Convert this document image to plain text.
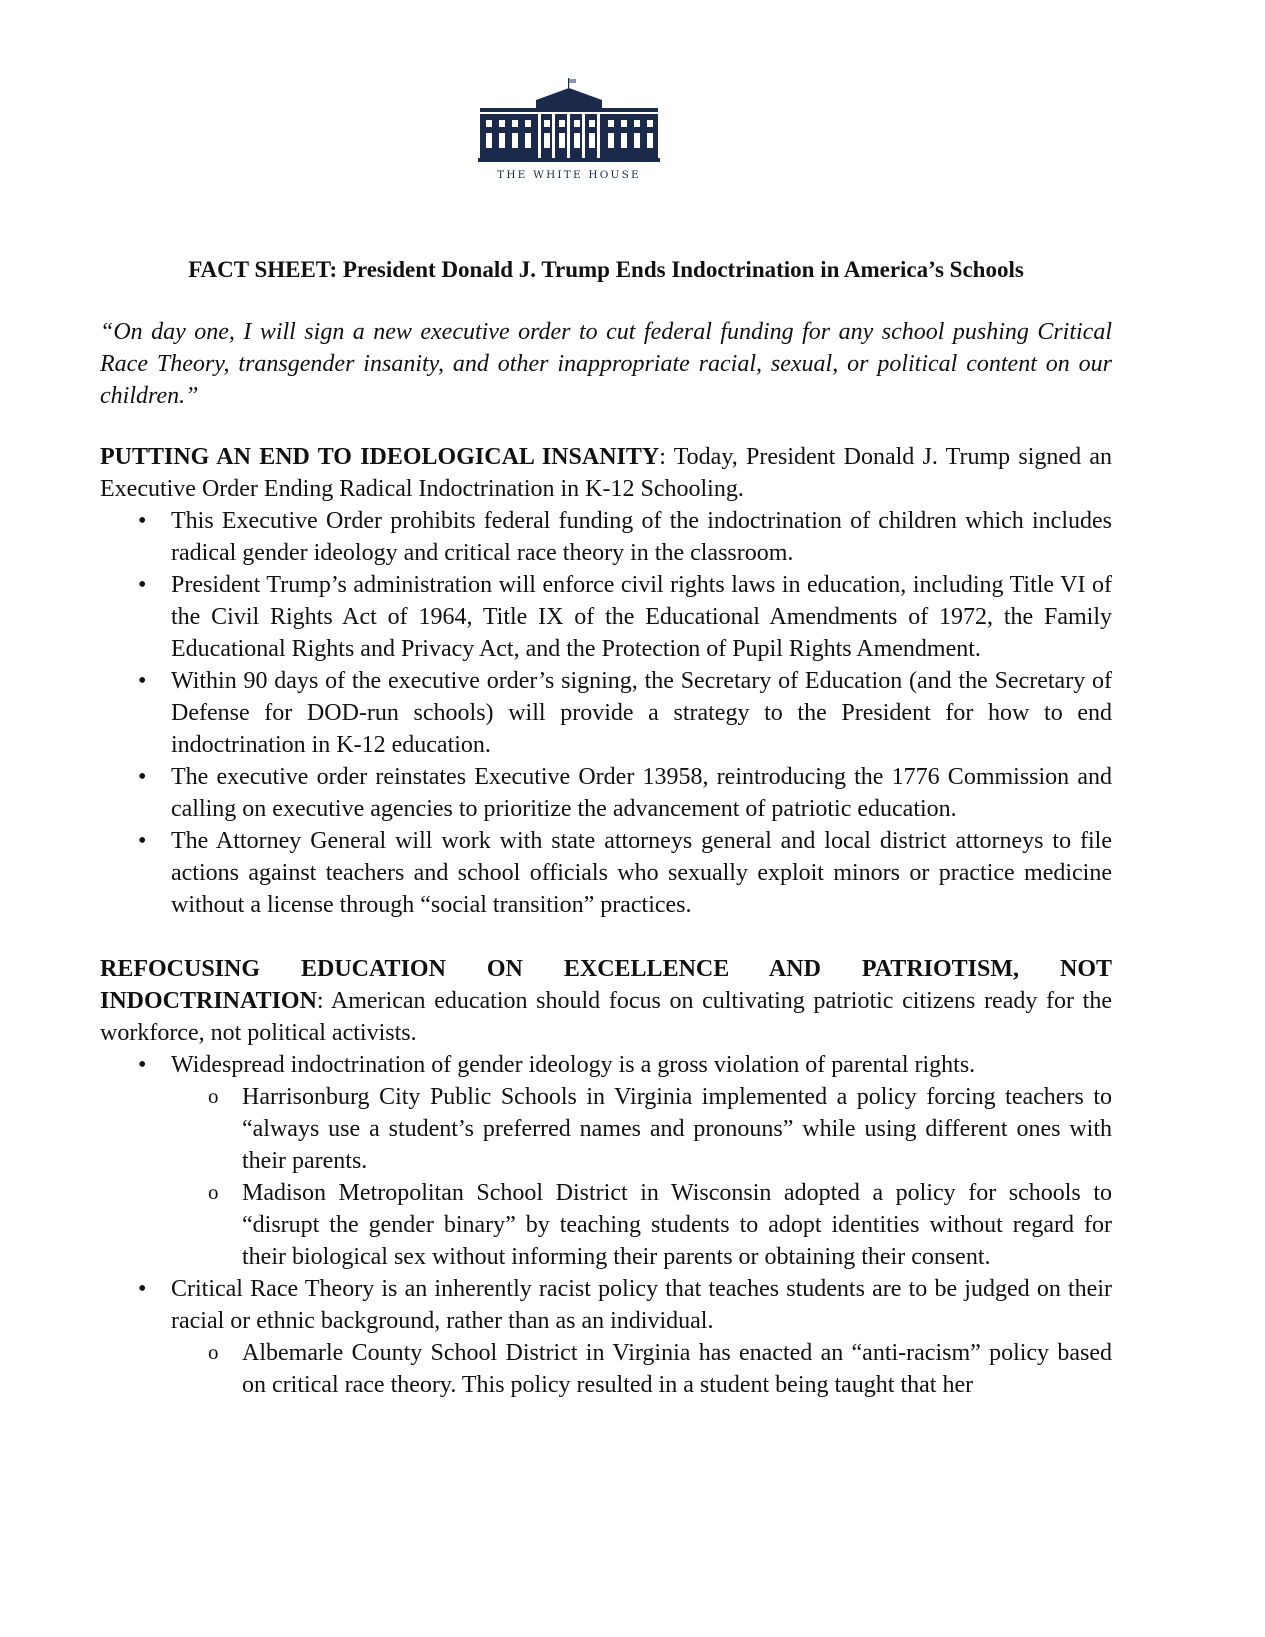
THE WHITE HOUSE
FACT SHEET: President Donald J. Trump Ends Indoctrination in America’s Schools

“On day one, I will sign a new executive order to cut federal funding for any school pushing Critical Race Theory, transgender insanity, and other inappropriate racial, sexual, or political content on our children.”

PUTTING AN END TO IDEOLOGICAL INSANITY: Today, President Donald J. Trump signed an Executive Order Ending Radical Indoctrination in K-12 Schooling.

• This Executive Order prohibits federal funding of the indoctrination of children which includes radical gender ideology and critical race theory in the classroom.
• President Trump’s administration will enforce civil rights laws in education, including Title VI of the Civil Rights Act of 1964, Title IX of the Educational Amendments of 1972, the Family Educational Rights and Privacy Act, and the Protection of Pupil Rights Amendment.
• Within 90 days of the executive order’s signing, the Secretary of Education (and the Secretary of Defense for DOD-run schools) will provide a strategy to the President for how to end indoctrination in K-12 education.
• The executive order reinstates Executive Order 13958, reintroducing the 1776 Commission and calling on executive agencies to prioritize the advancement of patriotic education.
• The Attorney General will work with state attorneys general and local district attorneys to file actions against teachers and school officials who sexually exploit minors or practice medicine without a license through “social transition” practices.

REFOCUSING EDUCATION ON EXCELLENCE AND PATRIOTISM, NOT INDOCTRINATION: American education should focus on cultivating patriotic citizens ready for the workforce, not political activists.

• Widespread indoctrination of gender ideology is a gross violation of parental rights.
o Harrisonburg City Public Schools in Virginia implemented a policy forcing teachers to “always use a student’s preferred names and pronouns” while using different ones with their parents.
o Madison Metropolitan School District in Wisconsin adopted a policy for schools to “disrupt the gender binary” by teaching students to adopt identities without regard for their biological sex without informing their parents or obtaining their consent.
• Critical Race Theory is an inherently racist policy that teaches students are to be judged on their racial or ethnic background, rather than as an individual.
o Albemarle County School District in Virginia has enacted an “anti-racism” policy based on critical race theory. This policy resulted in a student being taught that her
